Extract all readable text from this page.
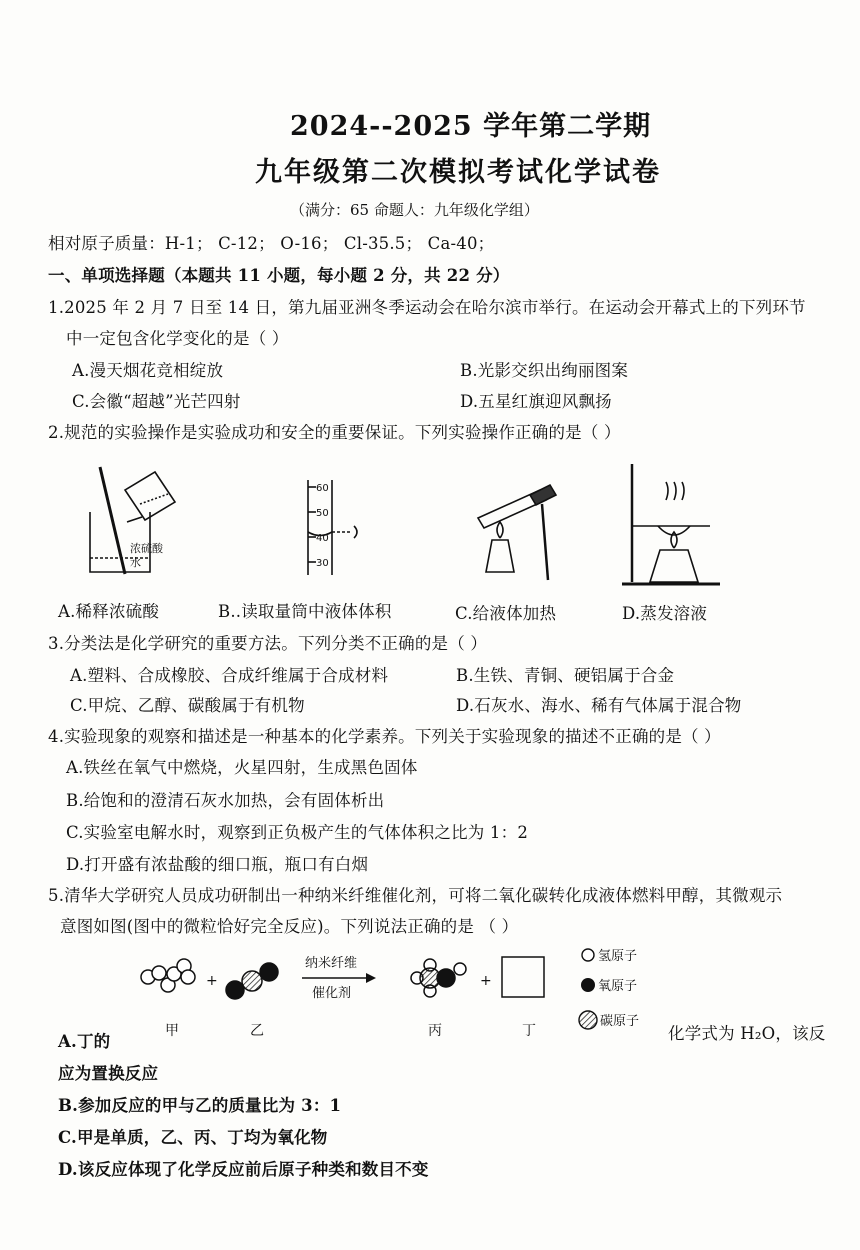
2024--2025 学年第二学期
九年级第二次模拟考试化学试卷
（满分：65 命题人：九年级化学组）
相对原子质量：H-1； C-12； O-16； Cl-35.5； Ca-40；
一、单项选择题（本题共 11 小题，每小题 2 分，共 22 分）
1.2025 年 2 月 7 日至 14 日，第九届亚洲冬季运动会在哈尔滨市举行。在运动会开幕式上的下列环节
中一定包含化学变化的是（ ）
A.漫天烟花竞相绽放	B.光影交织出绚丽图案
C.会徽“超越”光芒四射	D.五星红旗迎风飘扬
2.规范的实验操作是实验成功和安全的重要保证。下列实验操作正确的是（ ）
浓硫酸
水
60
50
40
30
A.稀释浓硫酸	B..读取量筒中液体体积	C.给液体加热	D.蒸发溶液
3.分类法是化学研究的重要方法。下列分类不正确的是（ ）
A.塑料、合成橡胶、合成纤维属于合成材料	B.生铁、青铜、硬铝属于合金
C.甲烷、乙醇、碳酸属于有机物	D.石灰水、海水、稀有气体属于混合物
4.实验现象的观察和描述是一种基本的化学素养。下列关于实验现象的描述不正确的是（ ）
A.铁丝在氧气中燃烧，火星四射，生成黑色固体
B.给饱和的澄清石灰水加热，会有固体析出
C.实验室电解水时，观察到正负极产生的气体体积之比为 1：2
D.打开盛有浓盐酸的细口瓶，瓶口有白烟
5.清华大学研究人员成功研制出一种纳米纤维催化剂，可将二氧化碳转化成液体燃料甲醇，其微观示
意图如图(图中的微粒恰好完全反应)。下列说法正确的是 （ ）
+
纳米纤维
催化剂
+
氢原子
氧原子
碳原子
甲	乙	丙	丁
A.丁的	化学式为 H₂O，该反
应为置换反应
B.参加反应的甲与乙的质量比为 3：1
C.甲是单质，乙、丙、丁均为氧化物
D.该反应体现了化学反应前后原子种类和数目不变
